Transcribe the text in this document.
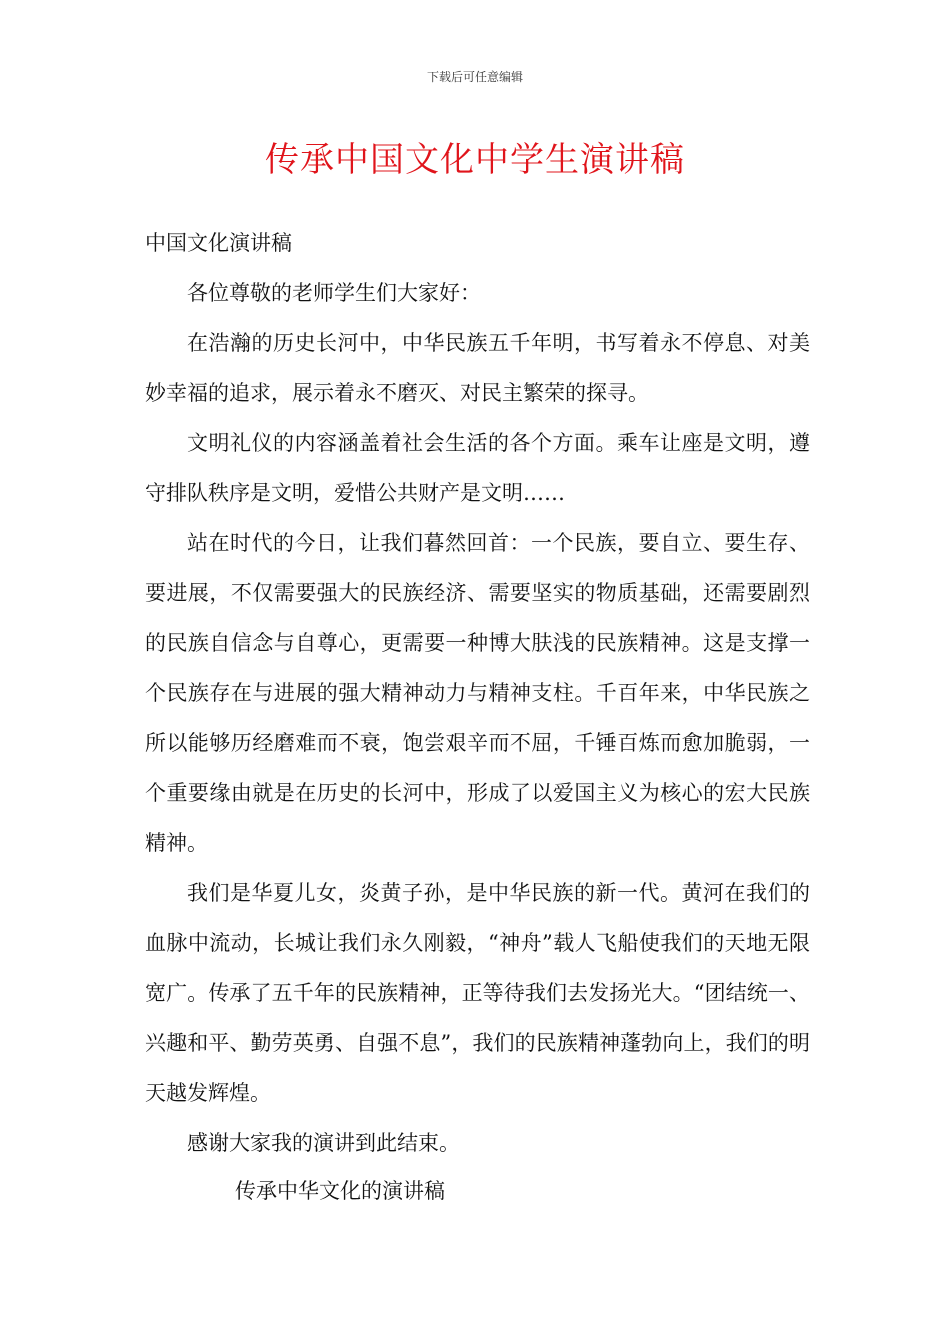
下载后可任意编辑
传承中国文化中学生演讲稿

中国文化演讲稿

各位尊敬的老师学生们大家好：

在浩瀚的历史长河中，中华民族五千年明，书写着永不停息、对美妙幸福的追求，展示着永不磨灭、对民主繁荣的探寻。

文明礼仪的内容涵盖着社会生活的各个方面。乘车让座是文明，遵守排队秩序是文明，爱惜公共财产是文明……

站在时代的今日，让我们暮然回首：一个民族，要自立、要生存、要进展，不仅需要强大的民族经济、需要坚实的物质基础，还需要剧烈的民族自信念与自尊心，更需要一种博大肤浅的民族精神。这是支撑一个民族存在与进展的强大精神动力与精神支柱。千百年来，中华民族之所以能够历经磨难而不衰，饱尝艰辛而不屈，千锤百炼而愈加脆弱，一个重要缘由就是在历史的长河中，形成了以爱国主义为核心的宏大民族精神。

我们是华夏儿女，炎黄子孙，是中华民族的新一代。黄河在我们的血脉中流动，长城让我们永久刚毅，“神舟”载人飞船使我们的天地无限宽广。传承了五千年的民族精神，正等待我们去发扬光大。“团结统一、兴趣和平、勤劳英勇、自强不息”，我们的民族精神蓬勃向上，我们的明天越发辉煌。

感谢大家我的演讲到此结束。

传承中华文化的演讲稿
